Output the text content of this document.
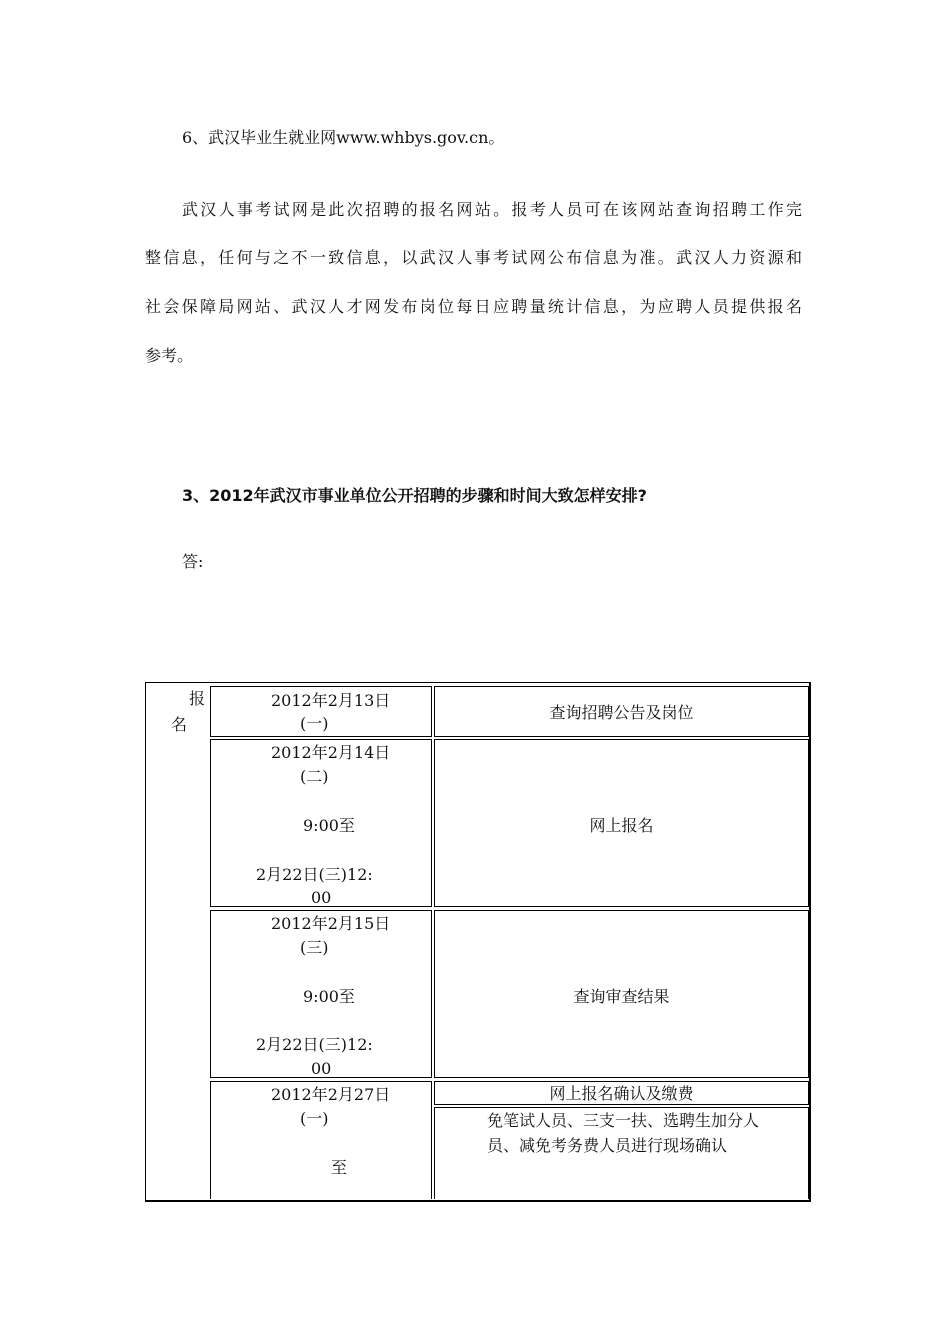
6、武汉毕业生就业网www.whbys.gov.cn。

武汉人事考试网是此次招聘的报名网站。报考人员可在该网站查询招聘工作完

整信息，任何与之不一致信息，以武汉人事考试网公布信息为准。武汉人力资源和

社会保障局网站、武汉人才网发布岗位每日应聘量统计信息，为应聘人员提供报名

参考。

3、2012年武汉市事业单位公开招聘的步骤和时间大致怎样安排?

答:

报

名

2012年2月13日

(一)

查询招聘公告及岗位

2012年2月14日

(二)

9:00至

2月22日(三)12:

00

网上报名

2012年2月15日

(三)

9:00至

2月22日(三)12:

00

查询审查结果

2012年2月27日

(一)

至

网上报名确认及缴费

免笔试人员、三支一扶、选聘生加分人

员、减免考务费人员进行现场确认
